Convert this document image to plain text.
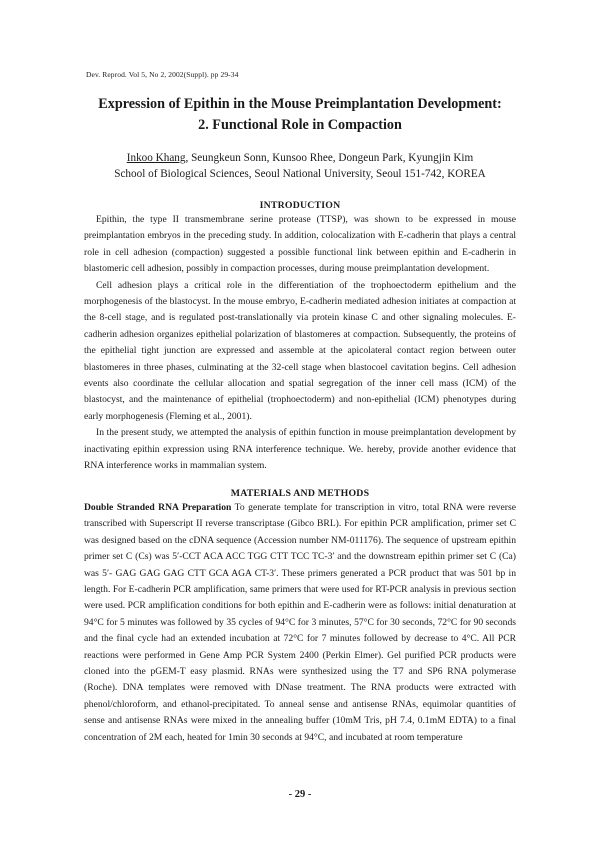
Dev. Reprod. Vol 5, No 2, 2002(Suppl). pp 29-34
Expression of Epithin in the Mouse Preimplantation Development:
2. Functional Role in Compaction
Inkoo Khang, Seungkeun Sonn, Kunsoo Rhee, Dongeun Park, Kyungjin Kim
School of Biological Sciences, Seoul National University, Seoul 151-742, KOREA
INTRODUCTION

Epithin, the type II transmembrane serine protease (TTSP), was shown to be expressed in mouse preimplantation embryos in the preceding study. In addition, colocalization with E-cadherin that plays a central role in cell adhesion (compaction) suggested a possible functional link between epithin and E-cadherin in blastomeric cell adhesion, possibly in compaction processes, during mouse preimplantation development.

Cell adhesion plays a critical role in the differentiation of the trophoectoderm epithelium and the morphogenesis of the blastocyst. In the mouse embryo, E-cadherin mediated adhesion initiates at compaction at the 8-cell stage, and is regulated post-translationally via protein kinase C and other signaling molecules. E-cadherin adhesion organizes epithelial polarization of blastomeres at compaction. Subsequently, the proteins of the epithelial tight junction are expressed and assemble at the apicolateral contact region between outer blastomeres in three phases, culminating at the 32-cell stage when blastocoel cavitation begins. Cell adhesion events also coordinate the cellular allocation and spatial segregation of the inner cell mass (ICM) of the blastocyst, and the maintenance of epithelial (trophoectoderm) and non-epithelial (ICM) phenotypes during early morphogenesis (Fleming et al., 2001).

In the present study, we attempted the analysis of epithin function in mouse preimplantation development by inactivating epithin expression using RNA interference technique. We. hereby, provide another evidence that RNA interference works in mammalian system.

MATERIALS AND METHODS

Double Stranded RNA Preparation To generate template for transcription in vitro, total RNA were reverse transcribed with Superscript II reverse transcriptase (Gibco BRL). For epithin PCR amplification, primer set C was designed based on the cDNA sequence (Accession number NM-011176). The sequence of upstream epithin primer set C (Cs) was 5′-CCT ACA ACC TGG CTT TCC TC-3′ and the downstream epithin primer set C (Ca) was 5′- GAG GAG GAG CTT GCA AGA CT-3′. These primers generated a PCR product that was 501 bp in length. For E-cadherin PCR amplification, same primers that were used for RT-PCR analysis in previous section were used. PCR amplification conditions for both epithin and E-cadherin were as follows: initial denaturation at 94°C for 5 minutes was followed by 35 cycles of 94°C for 3 minutes, 57°C for 30 seconds, 72°C for 90 seconds and the final cycle had an extended incubation at 72°C for 7 minutes followed by decrease to 4°C. All PCR reactions were performed in Gene Amp PCR System 2400 (Perkin Elmer). Gel purified PCR products were cloned into the pGEM-T easy plasmid. RNAs were synthesized using the T7 and SP6 RNA polymerase (Roche). DNA templates were removed with DNase treatment. The RNA products were extracted with phenol/chloroform, and ethanol-precipitated. To anneal sense and antisense RNAs, equimolar quantities of sense and antisense RNAs were mixed in the annealing buffer (10mM Tris, pH 7.4, 0.1mM EDTA) to a final concentration of 2M each, heated for 1min 30 seconds at 94°C, and incubated at room temperature

- 29 -
